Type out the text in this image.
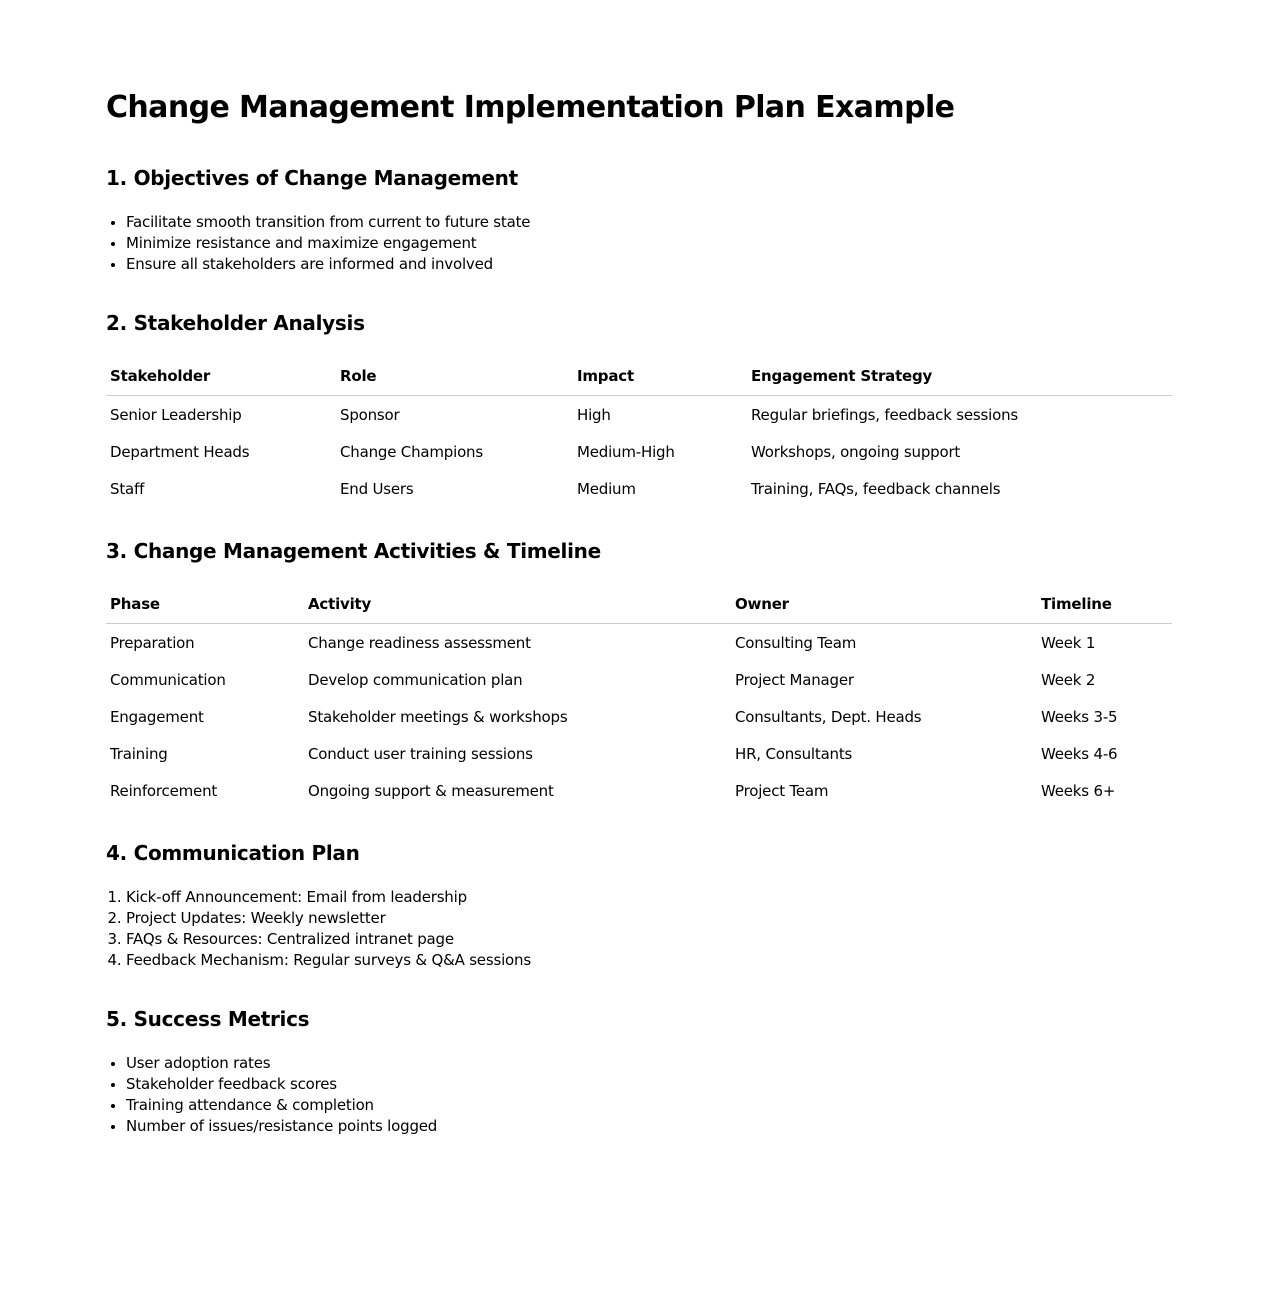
Change Management Implementation Plan Example
1. Objectives of Change Management
• Facilitate smooth transition from current to future state
• Minimize resistance and maximize engagement
• Ensure all stakeholders are informed and involved
2. Stakeholder Analysis
Stakeholder	Role	Impact	Engagement Strategy
Senior Leadership	Sponsor	High	Regular briefings, feedback sessions
Department Heads	Change Champions	Medium-High	Workshops, ongoing support
Staff	End Users	Medium	Training, FAQs, feedback channels
3. Change Management Activities & Timeline
Phase	Activity	Owner	Timeline
Preparation	Change readiness assessment	Consulting Team	Week 1
Communication	Develop communication plan	Project Manager	Week 2
Engagement	Stakeholder meetings & workshops	Consultants, Dept. Heads	Weeks 3-5
Training	Conduct user training sessions	HR, Consultants	Weeks 4-6
Reinforcement	Ongoing support & measurement	Project Team	Weeks 6+
4. Communication Plan
1. Kick-off Announcement: Email from leadership
2. Project Updates: Weekly newsletter
3. FAQs & Resources: Centralized intranet page
4. Feedback Mechanism: Regular surveys & Q&A sessions
5. Success Metrics
• User adoption rates
• Stakeholder feedback scores
• Training attendance & completion
• Number of issues/resistance points logged
